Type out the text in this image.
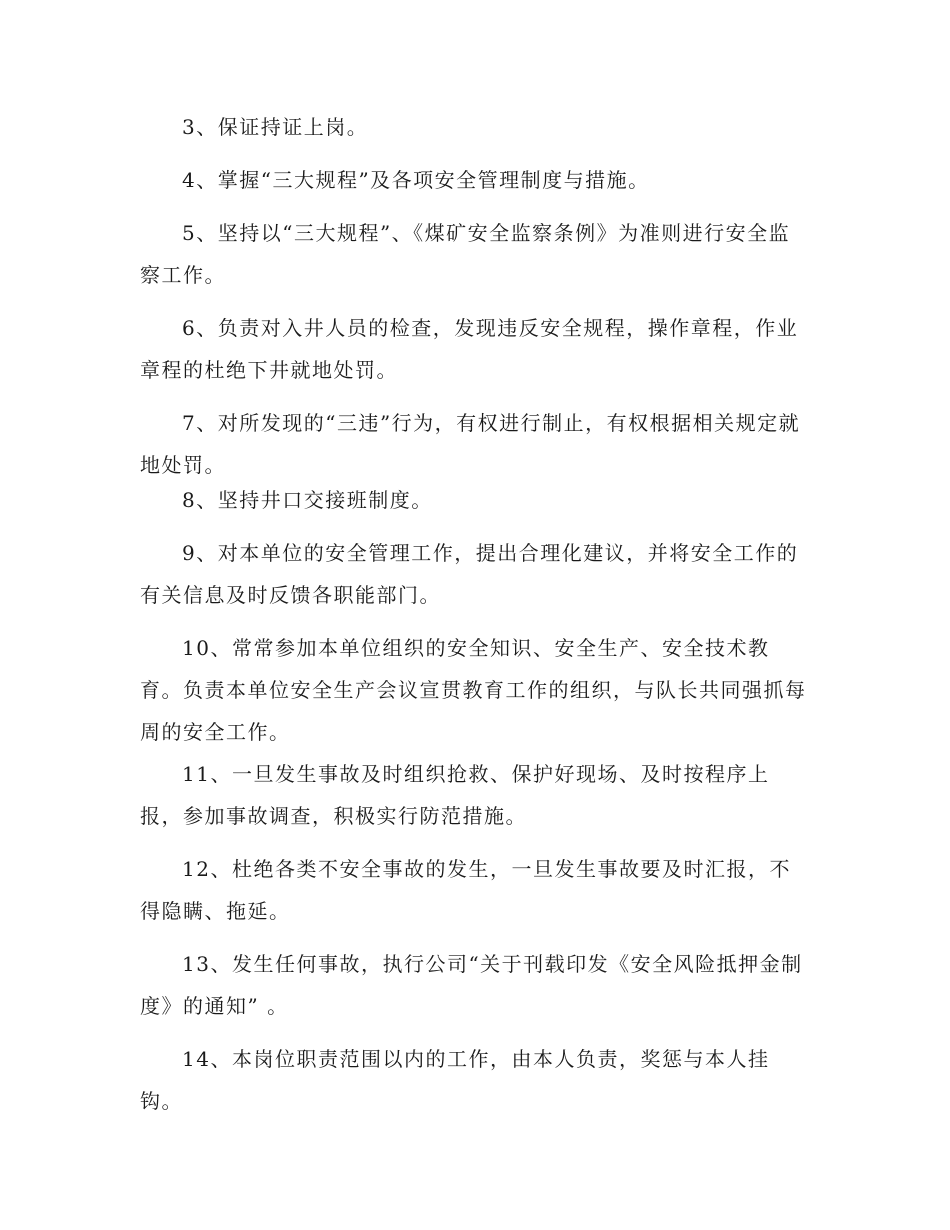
3、保证持证上岗。

4、掌握“三大规程”及各项安全管理制度与措施。

5、坚持以“三大规程”、《煤矿安全监察条例》为准则进行安全监察工作。

6、负责对入井人员的检查，发现违反安全规程，操作章程，作业章程的杜绝下井就地处罚。

7、对所发现的“三违”行为，有权进行制止，有权根据相关规定就地处罚。

8、坚持井口交接班制度。

9、对本单位的安全管理工作，提出合理化建议，并将安全工作的有关信息及时反馈各职能部门。

10、常常参加本单位组织的安全知识、安全生产、安全技术教育。负责本单位安全生产会议宣贯教育工作的组织，与队长共同强抓每周的安全工作。

11、一旦发生事故及时组织抢救、保护好现场、及时按程序上报，参加事故调查，积极实行防范措施。

12、杜绝各类不安全事故的发生，一旦发生事故要及时汇报，不得隐瞒、拖延。

13、发生任何事故，执行公司“关于刊载印发《安全风险抵押金制度》的通知” 。

14、本岗位职责范围以内的工作，由本人负责，奖惩与本人挂钩。
